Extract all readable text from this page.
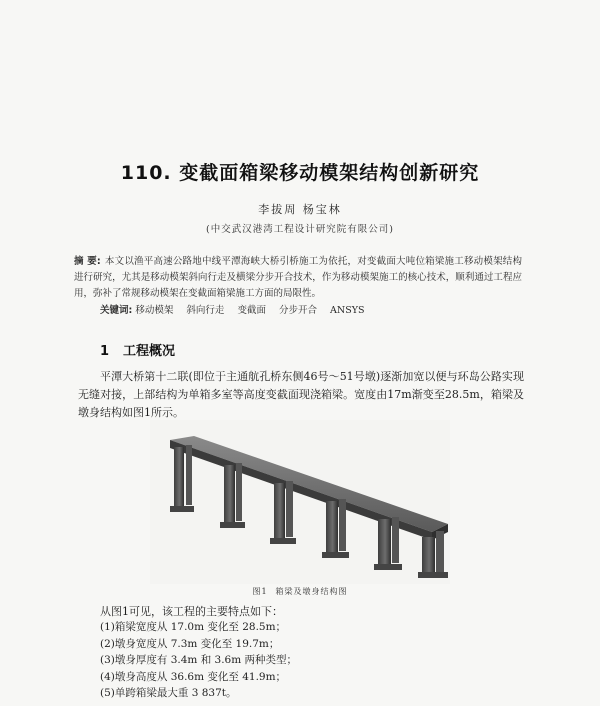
110. 变截面箱梁移动模架结构创新研究
李拔周 杨宝林
(中交武汉港湾工程设计研究院有限公司)
摘 要: 本文以渔平高速公路地中线平潭海峡大桥引桥施工为依托，对变截面大吨位箱梁施工移动模架结构进行研究，尤其是移动模架斜向行走及横梁分步开合技术，作为移动模架施工的核心技术，顺利通过工程应用，弥补了常规移动模架在变截面箱梁施工方面的局限性。
关键词: 移动模架 斜向行走 变截面 分步开合 ANSYS
1 工程概况
平潭大桥第十二联(即位于主通航孔桥东侧46号～51号墩)逐渐加宽以便与环岛公路实现无缝对接，上部结构为单箱多室等高度变截面现浇箱梁。宽度由17m渐变至28.5m，箱梁及墩身结构如图1所示。
图1 箱梁及墩身结构图
从图1可见，该工程的主要特点如下：
(1)箱梁宽度从 17.0m 变化至 28.5m；
(2)墩身宽度从 7.3m 变化至 19.7m；
(3)墩身厚度有 3.4m 和 3.6m 两种类型；
(4)墩身高度从 36.6m 变化至 41.9m；
(5)单跨箱梁最大重 3 837t。
